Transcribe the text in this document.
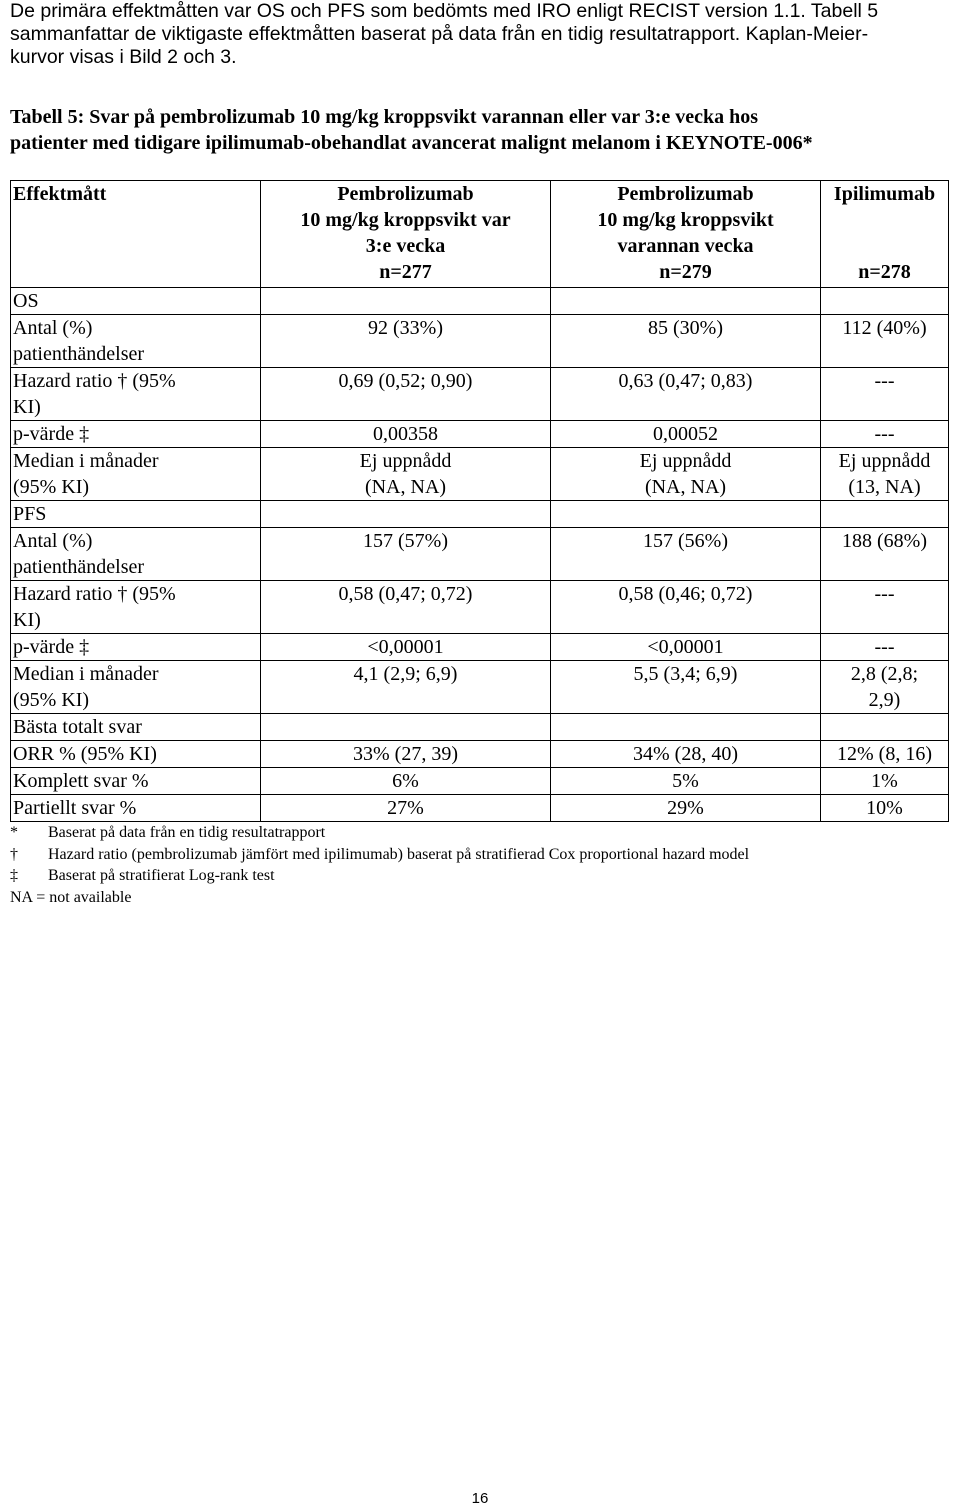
De primära effektmåtten var OS och PFS som bedömts med IRO enligt RECIST version 1.1. Tabell 5
sammanfattar de viktigaste effektmåtten baserat på data från en tidig resultatrapport. Kaplan-Meier-
kurvor visas i Bild 2 och 3.
Tabell 5: Svar på pembrolizumab 10 mg/kg kroppsvikt varannan eller var 3:e vecka hos
patienter med tidigare ipilimumab-obehandlat avancerat malignt melanom i KEYNOTE-006*
Effektmått	Pembrolizumab
10 mg/kg kroppsvikt var
3:e vecka
n=277	Pembrolizumab
10 mg/kg kroppsvikt
varannan vecka
n=279	Ipilimumab
n=278

OS			

Antal (%)
patienthändelser	92 (33%)	85 (30%)	112 (40%)

Hazard ratio † (95%
KI)	0,69 (0,52; 0,90)	0,63 (0,47; 0,83)	---
p-värde ‡	0,00358	0,00052	---

Median i månader
(95% KI)	Ej uppnådd
(NA, NA)	Ej uppnådd
(NA, NA)	Ej uppnådd
(13, NA)

PFS			

Antal (%)
patienthändelser	157 (57%)	157 (56%)	188 (68%)

Hazard ratio † (95%
KI)	0,58 (0,47; 0,72)	0,58 (0,46; 0,72)	---
p-värde ‡	<0,00001	<0,00001	---

Median i månader
(95% KI)	4,1 (2,9; 6,9)	5,5 (3,4; 6,9)	2,8 (2,8;
2,9)

Bästa totalt svar			
ORR % (95% KI)	33% (27, 39)	34% (28, 40)	12% (8, 16)
Komplett svar %	6%	5%	1%
Partiellt svar %	27%	29%	10%
*	Baserat på data från en tidig resultatrapport
†	Hazard ratio (pembrolizumab jämfört med ipilimumab) baserat på stratifierad Cox proportional hazard model
‡	Baserat på stratifierat Log-rank test
NA = not available
16
